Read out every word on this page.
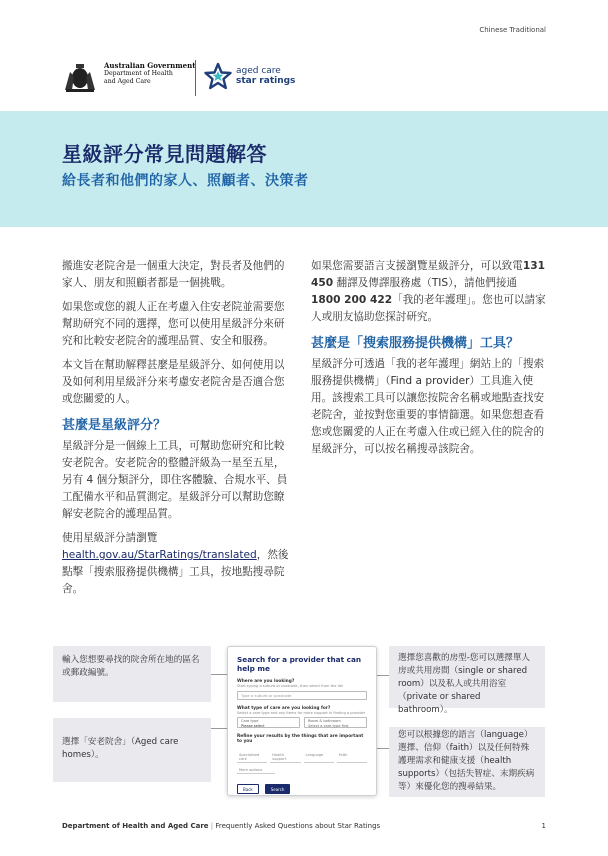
Chinese Traditional
Australian Government
Department of Health
and Aged Care
aged care
star ratings
星級評分常見問題解答
給長者和他們的家人、照顧者、決策者

搬進安老院舍是一個重大決定，對長者及他們的家人、朋友和照顧者都是一個挑戰。

如果您或您的親人正在考慮入住安老院並需要您幫助研究不同的選擇，您可以使用星級評分來研究和比較安老院舍的護理品質、安全和服務。

本文旨在幫助解釋甚麼是星級評分、如何使用以及如何利用星級評分來考慮安老院舍是否適合您或您關愛的人。

甚麼是星級評分？

星級評分是一個線上工具，可幫助您研究和比較安老院舍。安老院舍的整體評級為一星至五星，另有 4 個分類評分，即住客體驗、合規水平、員工配備水平和品質測定。星級評分可以幫助您瞭解安老院舍的護理品質。

使用星級評分請瀏覽health.gov.au/StarRatings/translated，然後點擊「搜索服務提供機構」工具，按地點搜尋院舍。

如果您需要語言支援瀏覽星級評分，可以致電131 450 翻譯及傳譯服務處（TIS），請他們接通1800 200 422「我的老年護理」。您也可以請家人或朋友協助您探討研究。

甚麼是「搜索服務提供機構」工具？

星級評分可透過「我的老年護理」網站上的「搜索服務提供機構」（Find a provider）工具進入使用。該搜索工具可以讓您按院舍名稱或地點查找安老院舍，並按對您重要的事情篩選。如果您想查看您或您關愛的人正在考慮入住或已經入住的院舍的星級評分，可以按名稱搜尋該院舍。

輸入您想要尋找的院舍所在地的區名或郵政編號。
選擇「安老院舍」（Aged care homes）。
選擇您喜歡的房型-您可以選擇單人房或共用房間（single or shared room）以及私人或共用浴室（private or shared bathroom）。
您可以根據您的語言（language）選擇、信仰（faith）以及任何特殊護理需求和健康支援（health supports）（包括失智症、末期疾病等）來優化您的搜尋結果。
Search for a provider that can help me
Where are you looking?
Start typing a suburb or postcode, then select from the list
Type a suburb or postcode
What type of care are you looking for?
Select a care type and any items for more support in finding a provider
Care type
Please select
Room & bathroom
Select a care type first
Refine your results by the things that are important to you
Specialised care
Health support
Language	Faith
More options
Back	Search
Department of Health and Aged Care | Frequently Asked Questions about Star Ratings	1
